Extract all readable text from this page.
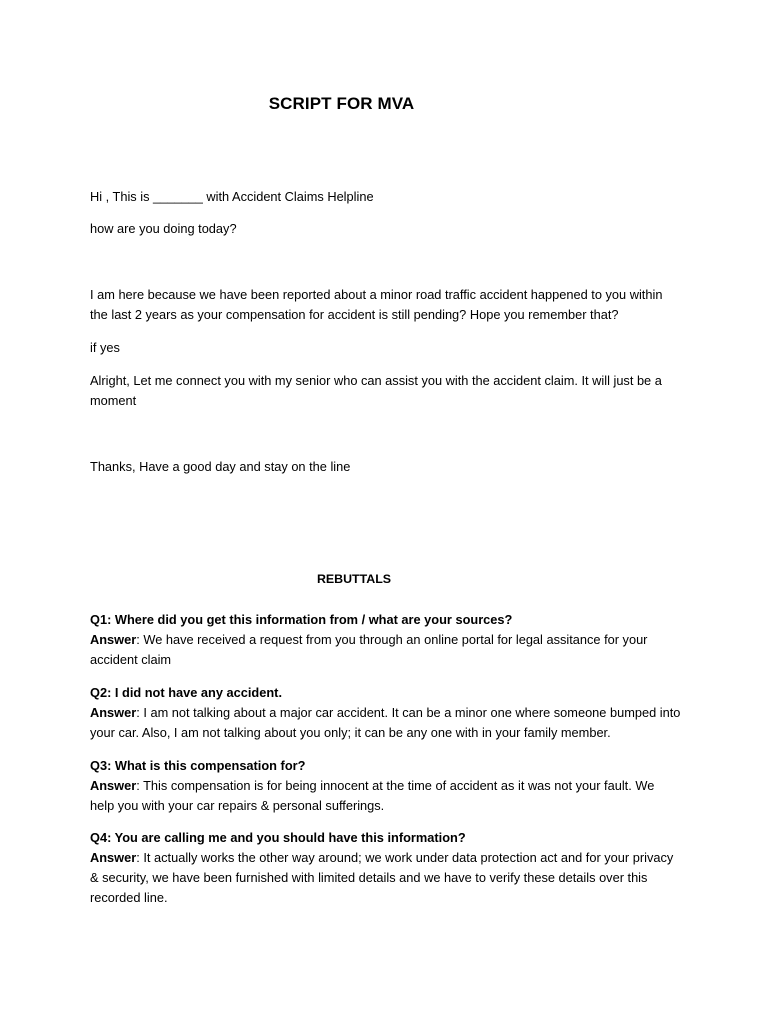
SCRIPT FOR MVA
Hi , This is _______ with Accident Claims Helpline
how are you doing today?
I am here because we have been reported about a minor road traffic accident happened to you within the last 2 years as your compensation for accident is still pending? Hope you remember that?
if yes
Alright, Let me connect you with my senior who can assist you with the accident claim. It will just be a moment
Thanks, Have a good day and stay on the line
REBUTTALS
Q1: Where did you get this information from / what are your sources?
Answer: We have received a request from you through an online portal for legal assitance for your accident claim
Q2: I did not have any accident.
Answer: I am not talking about a major car accident. It can be a minor one where someone bumped into your car. Also, I am not talking about you only; it can be any one with in your family member.
Q3: What is this compensation for?
Answer: This compensation is for being innocent at the time of accident as it was not your fault. We help you with your car repairs & personal sufferings.
Q4: You are calling me and you should have this information?
Answer: It actually works the other way around; we work under data protection act and for your privacy & security, we have been furnished with limited details and we have to verify these details over this recorded line.
